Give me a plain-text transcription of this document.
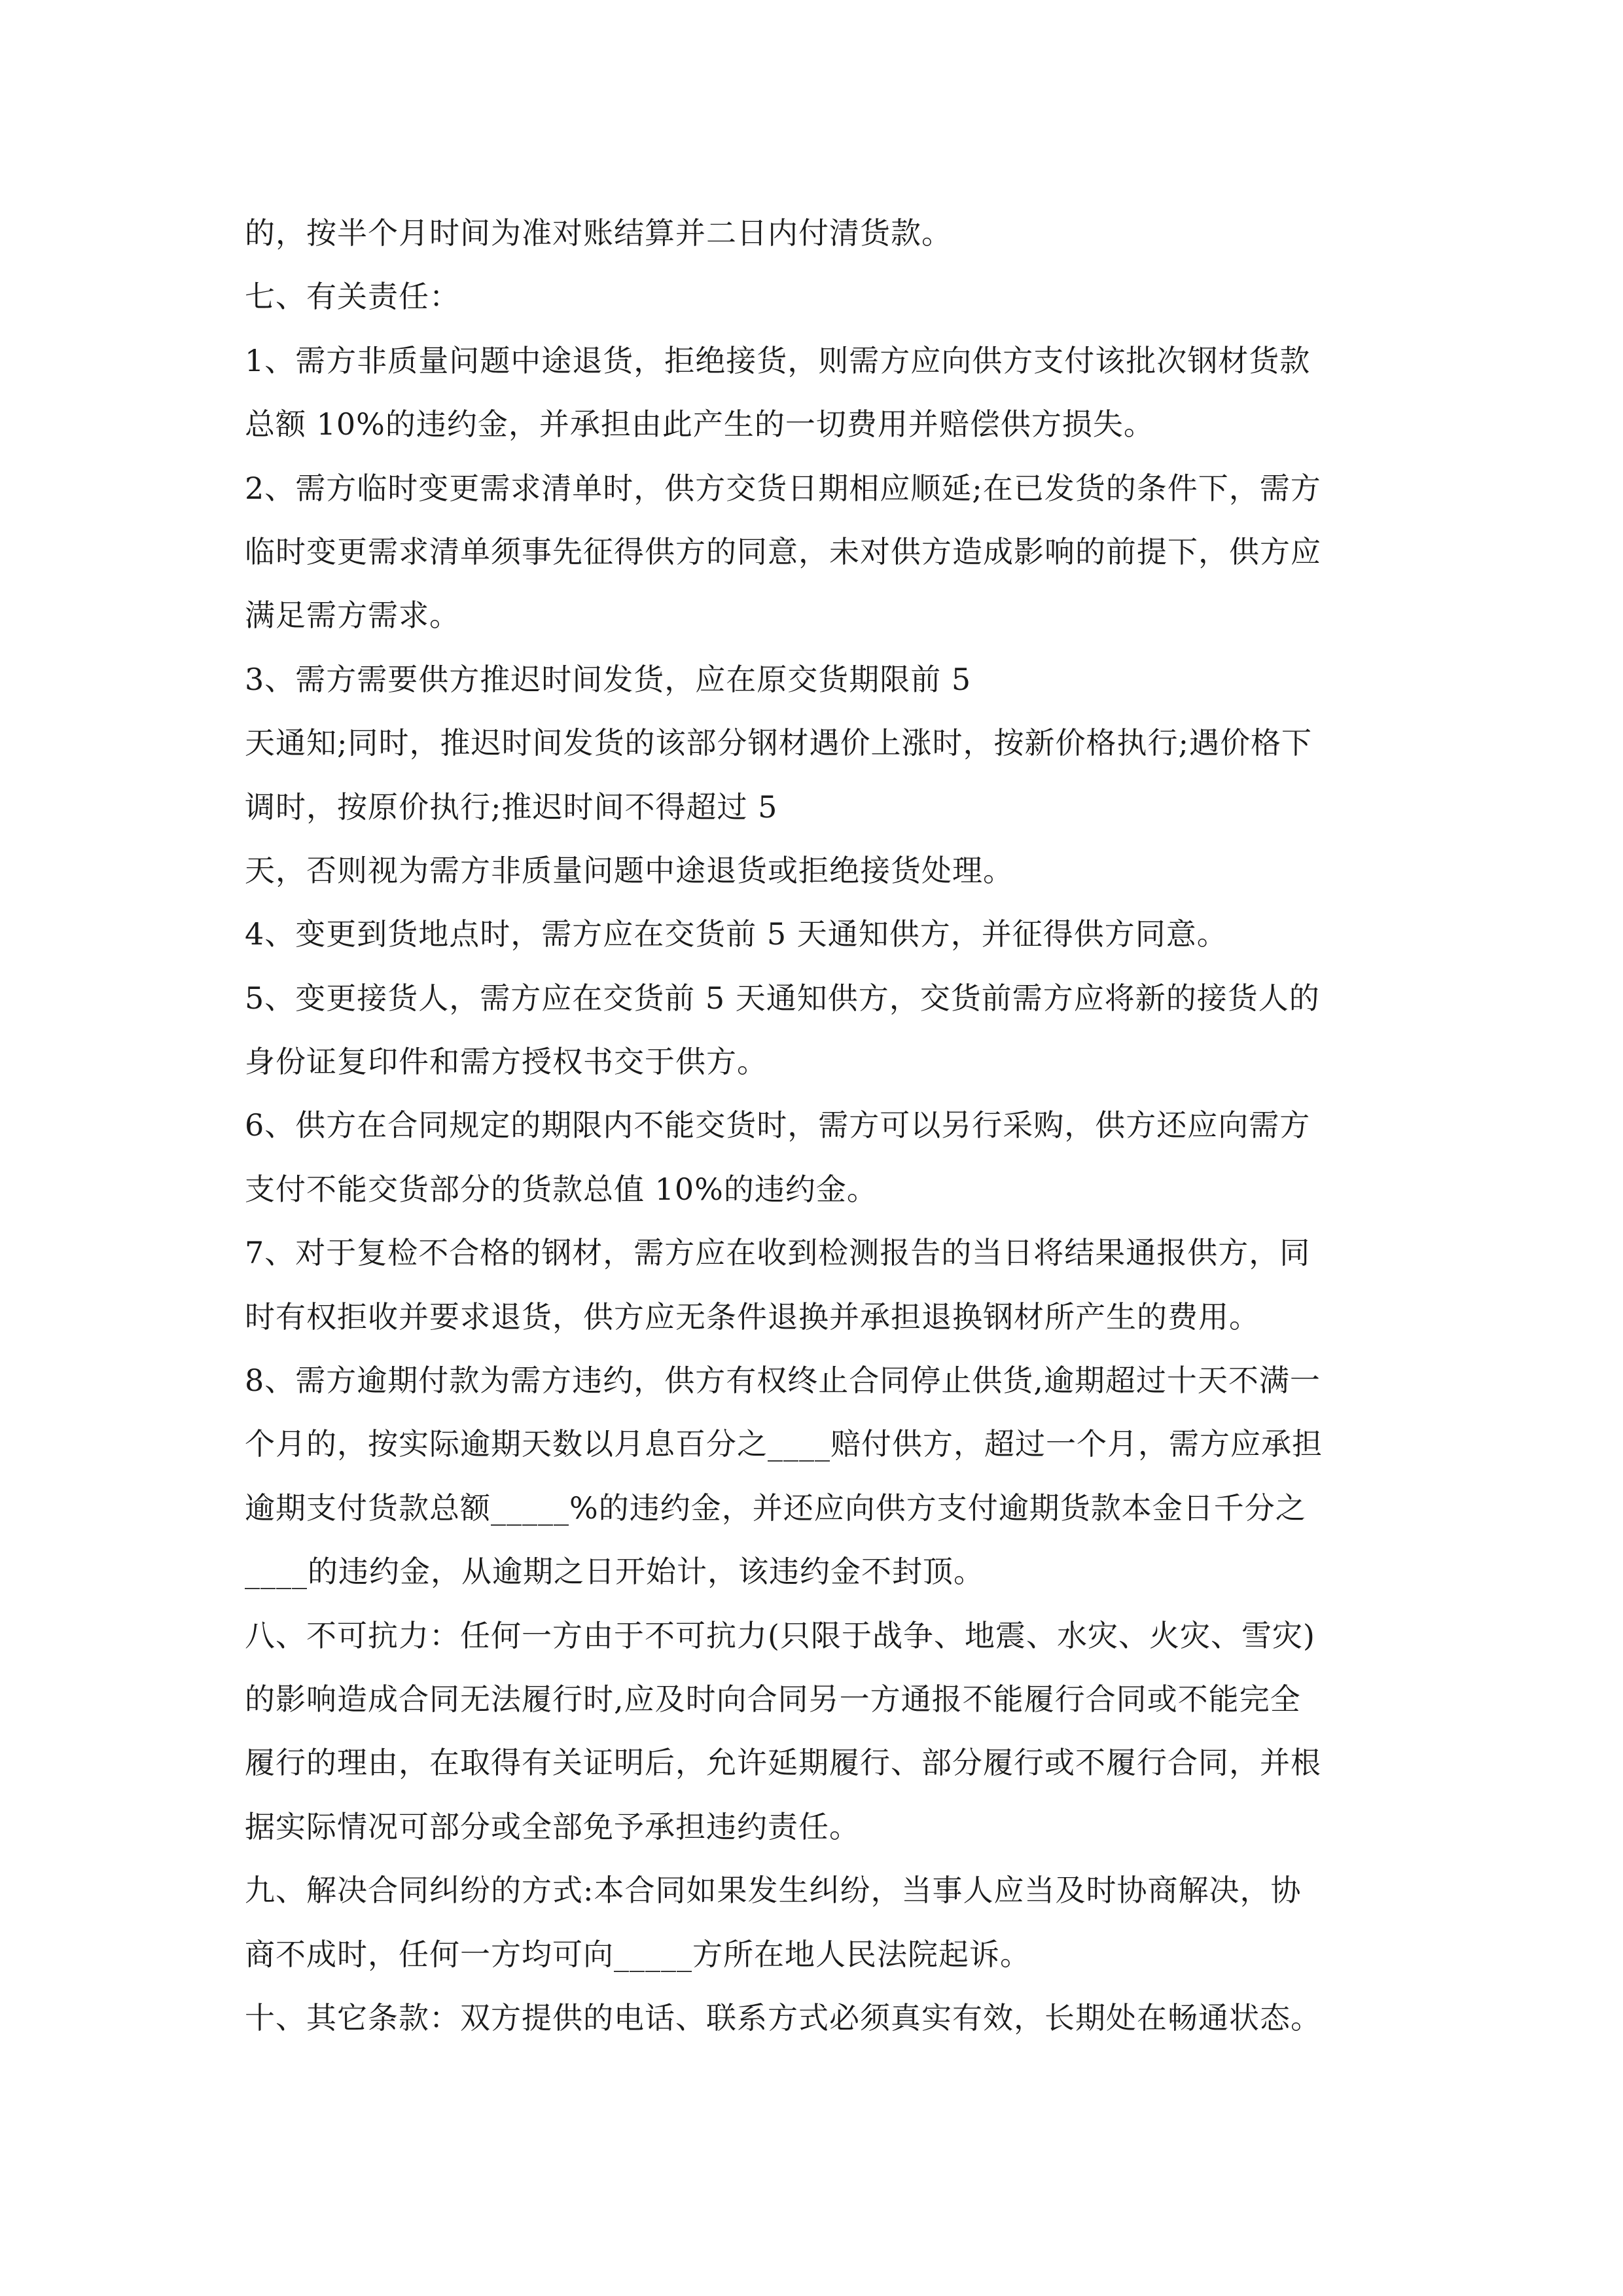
的，按半个月时间为准对账结算并二日内付清货款。
七、有关责任：
1、需方非质量问题中途退货，拒绝接货，则需方应向供方支付该批次钢材货款
总额 10%的违约金，并承担由此产生的一切费用并赔偿供方损失。
2、需方临时变更需求清单时，供方交货日期相应顺延;在已发货的条件下，需方
临时变更需求清单须事先征得供方的同意，未对供方造成影响的前提下，供方应
满足需方需求。
3、需方需要供方推迟时间发货，应在原交货期限前 5
天通知;同时，推迟时间发货的该部分钢材遇价上涨时，按新价格执行;遇价格下
调时，按原价执行;推迟时间不得超过 5
天，否则视为需方非质量问题中途退货或拒绝接货处理。
4、变更到货地点时，需方应在交货前 5 天通知供方，并征得供方同意。
5、变更接货人，需方应在交货前 5 天通知供方，交货前需方应将新的接货人的
身份证复印件和需方授权书交于供方。
6、供方在合同规定的期限内不能交货时，需方可以另行采购，供方还应向需方
支付不能交货部分的货款总值 10%的违约金。
7、对于复检不合格的钢材，需方应在收到检测报告的当日将结果通报供方，同
时有权拒收并要求退货，供方应无条件退换并承担退换钢材所产生的费用。
8、需方逾期付款为需方违约，供方有权终止合同停止供货,逾期超过十天不满一
个月的，按实际逾期天数以月息百分之____赔付供方，超过一个月，需方应承担
逾期支付货款总额_____%的违约金，并还应向供方支付逾期货款本金日千分之
____的违约金，从逾期之日开始计，该违约金不封顶。
八、不可抗力：任何一方由于不可抗力(只限于战争、地震、水灾、火灾、雪灾)
的影响造成合同无法履行时,应及时向合同另一方通报不能履行合同或不能完全
履行的理由，在取得有关证明后，允许延期履行、部分履行或不履行合同，并根
据实际情况可部分或全部免予承担违约责任。
九、解决合同纠纷的方式:本合同如果发生纠纷，当事人应当及时协商解决，协
商不成时，任何一方均可向_____方所在地人民法院起诉。
十、其它条款：双方提供的电话、联系方式必须真实有效，长期处在畅通状态。
